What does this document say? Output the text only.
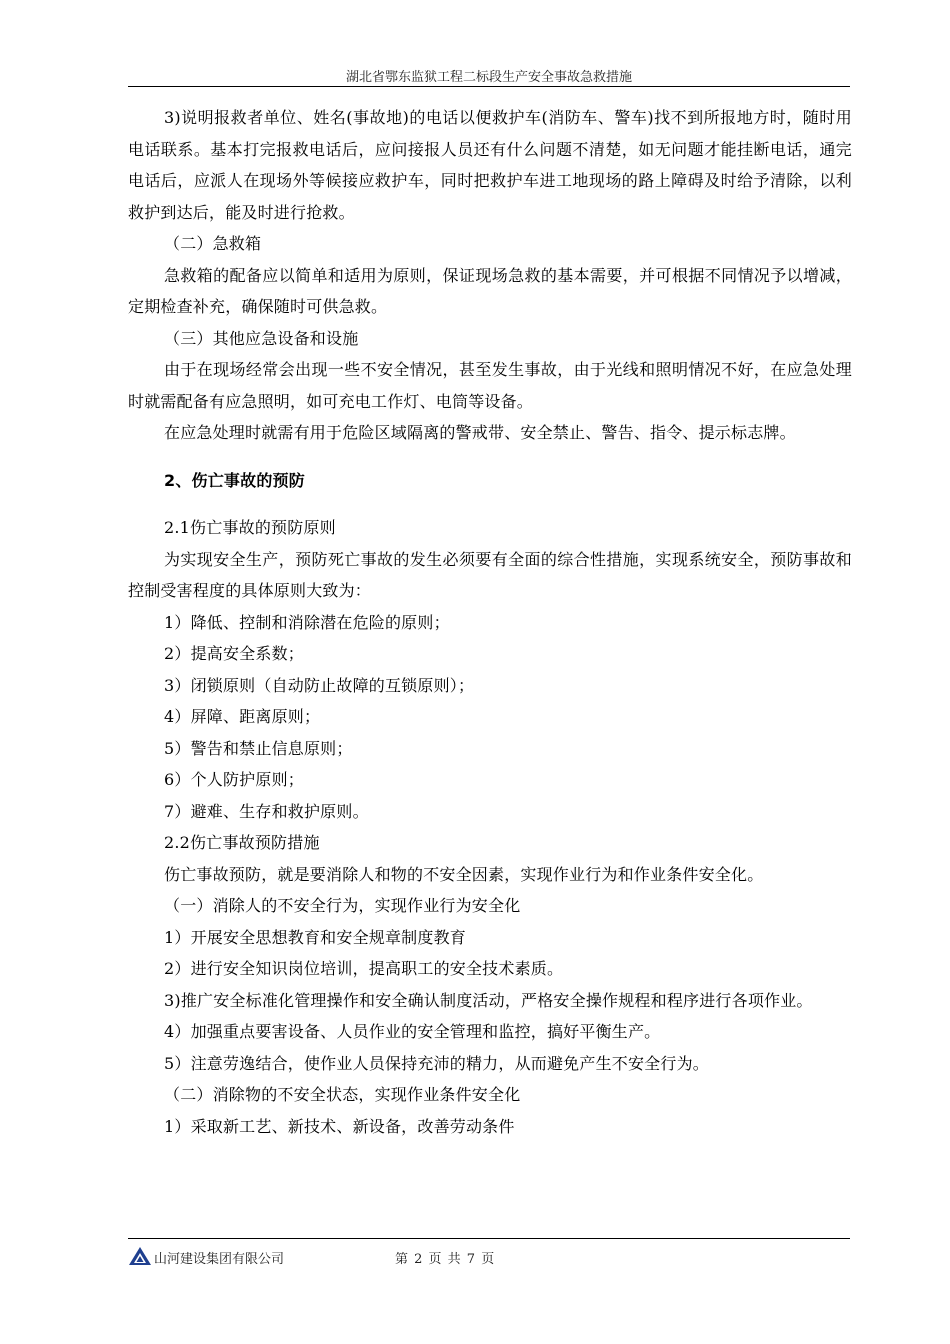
湖北省鄂东监狱工程二标段生产安全事故急救措施

3)说明报救者单位、姓名(事故地)的电话以便救护车(消防车、警车)找不到所报地方时，随时用电话联系。基本打完报救电话后，应问接报人员还有什么问题不清楚，如无问题才能挂断电话，通完电话后，应派人在现场外等候接应救护车，同时把救护车进工地现场的路上障碍及时给予清除，以利救护到达后，能及时进行抢救。

（二）急救箱

急救箱的配备应以简单和适用为原则，保证现场急救的基本需要，并可根据不同情况予以增减，定期检查补充，确保随时可供急救。

（三）其他应急设备和设施

由于在现场经常会出现一些不安全情况，甚至发生事故，由于光线和照明情况不好，在应急处理时就需配备有应急照明，如可充电工作灯、电筒等设备。

在应急处理时就需有用于危险区域隔离的警戒带、安全禁止、警告、指令、提示标志牌。

2、伤亡事故的预防

2.1伤亡事故的预防原则

为实现安全生产，预防死亡事故的发生必须要有全面的综合性措施，实现系统安全，预防事故和控制受害程度的具体原则大致为：

1）降低、控制和消除潜在危险的原则；

2）提高安全系数；

3）闭锁原则（自动防止故障的互锁原则）；

4）屏障、距离原则；

5）警告和禁止信息原则；

6）个人防护原则；

7）避难、生存和救护原则。

2.2伤亡事故预防措施

伤亡事故预防，就是要消除人和物的不安全因素，实现作业行为和作业条件安全化。

（一）消除人的不安全行为，实现作业行为安全化

1）开展安全思想教育和安全规章制度教育

2）进行安全知识岗位培训，提高职工的安全技术素质。

3)推广安全标准化管理操作和安全确认制度活动，严格安全操作规程和程序进行各项作业。

4）加强重点要害设备、人员作业的安全管理和监控，搞好平衡生产。

5）注意劳逸结合，使作业人员保持充沛的精力，从而避免产生不安全行为。

（二）消除物的不安全状态，实现作业条件安全化

1）采取新工艺、新技术、新设备，改善劳动条件

山河建设集团有限公司	第 2 页 共 7 页
